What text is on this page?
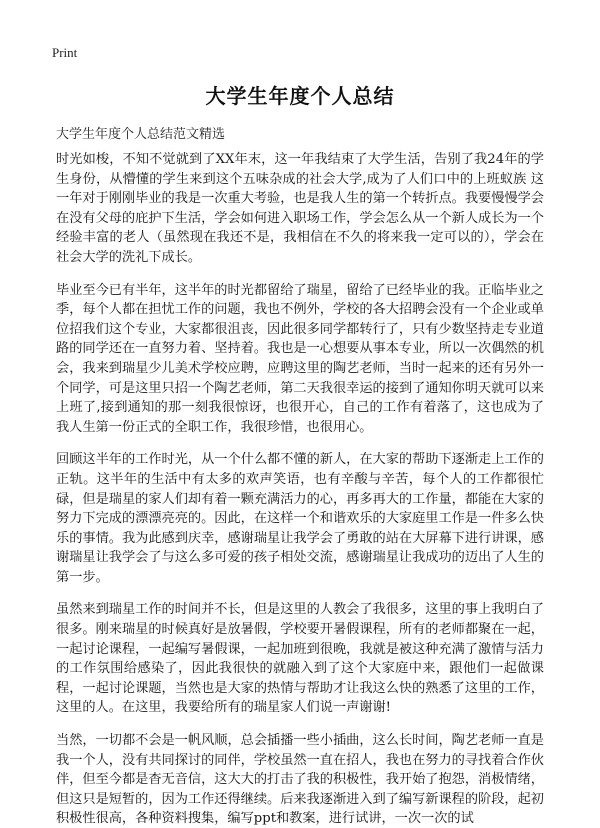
Print
大学生年度个人总结
大学生年度个人总结范文精选

时光如梭，不知不觉就到了XX年末，这一年我结束了大学生活，告别了我24年的学生身份，从懵懂的学生来到这个五味杂成的社会大学,成为了人们口中的上班蚁族 这一年对于刚刚毕业的我是一次重大考验，也是我人生的第一个转折点。我要慢慢学会在没有父母的庇护下生活，学会如何进入职场工作，学会怎么从一个新人成长为一个经验丰富的老人（虽然现在我还不是，我相信在不久的将来我一定可以的），学会在社会大学的洗礼下成长。

毕业至今已有半年，这半年的时光都留给了瑞星，留给了已经毕业的我。正临毕业之季，每个人都在担忧工作的问题，我也不例外，学校的各大招聘会没有一个企业或单位招我们这个专业，大家都很沮丧，因此很多同学都转行了，只有少数坚持走专业道路的同学还在一直努力着、坚持着。我也是一心想要从事本专业，所以一次偶然的机会，我来到瑞星少儿美术学校应聘，应聘这里的陶艺老师，当时一起来的还有另外一个同学，可是这里只招一个陶艺老师，第二天我很幸运的接到了通知你明天就可以来上班了,接到通知的那一刻我很惊讶，也很开心，自己的工作有着落了，这也成为了我人生第一份正式的全职工作，我很珍惜，也很用心。

回顾这半年的工作时光，从一个什么都不懂的新人，在大家的帮助下逐渐走上工作的正轨。这半年的生活中有太多的欢声笑语，也有辛酸与辛苦，每个人的工作都很忙碌，但是瑞星的家人们却有着一颗充满活力的心，再多再大的工作量，都能在大家的努力下完成的漂漂亮亮的。因此，在这样一个和谐欢乐的大家庭里工作是一件多么快乐的事情。我为此感到庆幸，感谢瑞星让我学会了勇敢的站在大屏幕下进行讲课，感谢瑞星让我学会了与这么多可爱的孩子相处交流，感谢瑞星让我成功的迈出了人生的第一步。

虽然来到瑞星工作的时间并不长，但是这里的人教会了我很多，这里的事上我明白了很多。刚来瑞星的时候真好是放暑假，学校要开暑假课程，所有的老师都聚在一起，一起讨论课程，一起编写暑假课，一起加班到很晚，我就是被这种充满了激情与活力的工作氛围给感染了，因此我很快的就融入到了这个大家庭中来，跟他们一起做课程，一起讨论课题，当然也是大家的热情与帮助才让我这么快的熟悉了这里的工作，这里的人。在这里，我要给所有的瑞星家人们说一声谢谢!

当然，一切都不会是一帆风顺，总会插播一些小插曲，这么长时间，陶艺老师一直是我一个人，没有共同探讨的同伴，学校虽然一直在招人，我也在努力的寻找着合作伙伴，但至今都是杳无音信，这大大的打击了我的积极性，我开始了抱怨，消极情绪，但这只是短暂的，因为工作还得继续。后来我逐渐进入到了编写新课程的阶段，起初积极性很高，各种资料搜集，编写ppt和教案，进行试讲，一次一次的试
